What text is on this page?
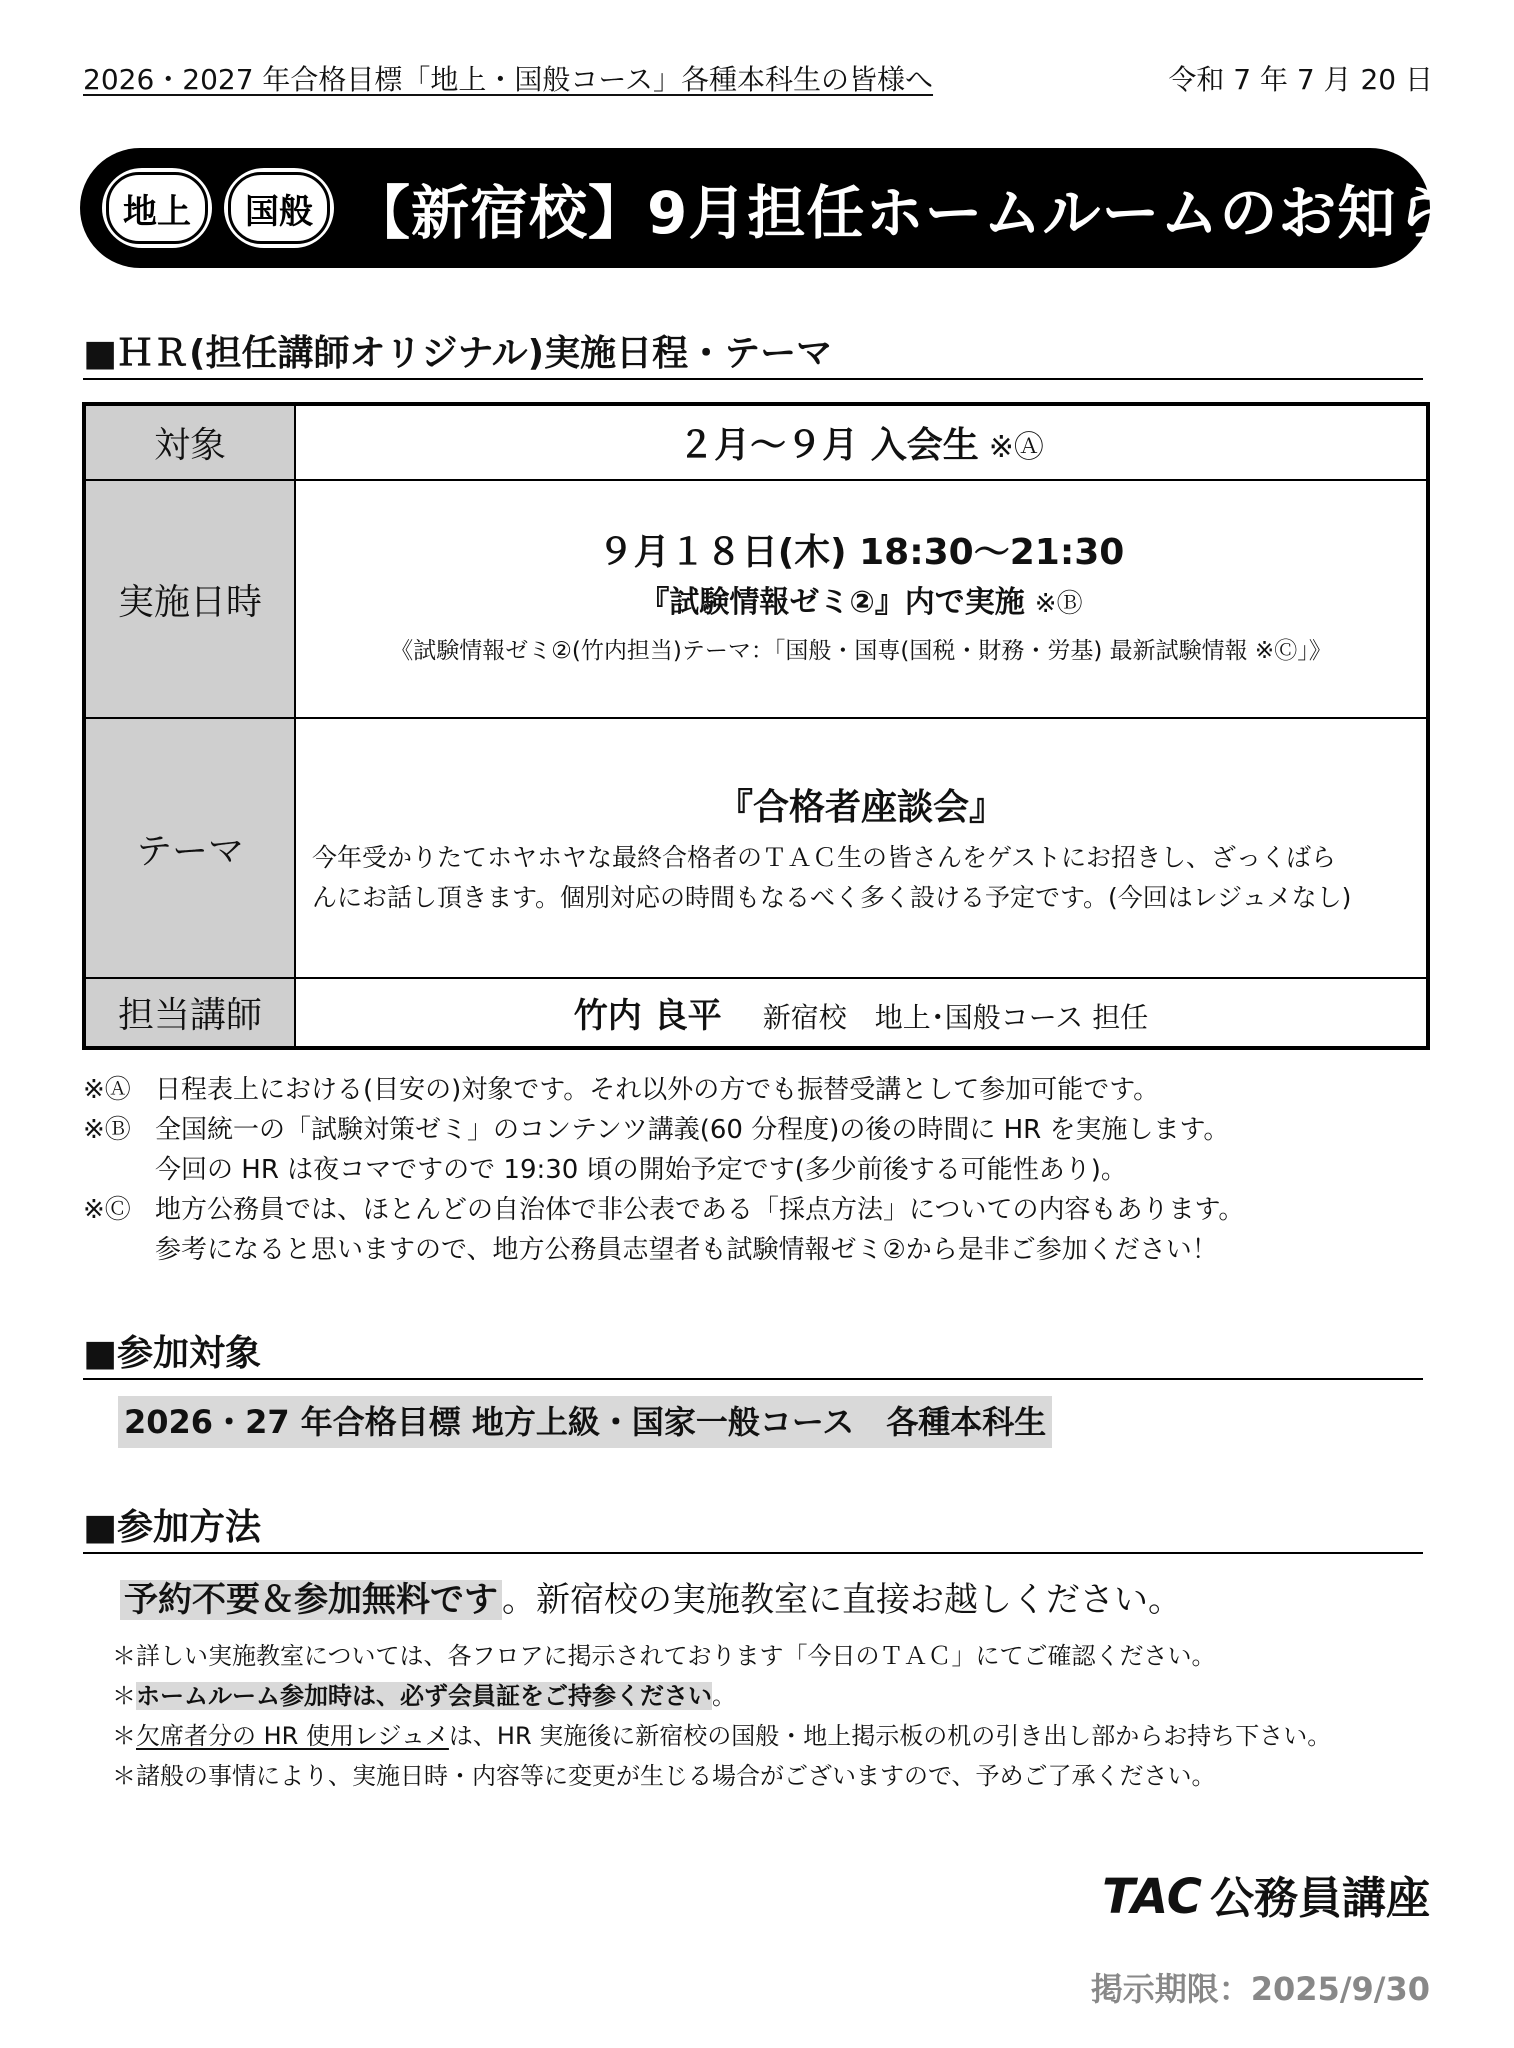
2026・2027 年合格目標「地上・国般コース」各種本科生の皆様へ	令和 7 年 7 月 20 日
地上	国般 【新宿校】9月担任ホームルームのお知らせ
■ＨＲ(担任講師オリジナル)実施日程・テーマ
対象	２月～９月 入会生 ※Ⓐ
実施日時	９月１８日(木) 18:30～21:30
『試験情報ゼミ②』内で実施 ※Ⓑ
《試験情報ゼミ②(竹内担当)テーマ：「国般・国専(国税・財務・労基) 最新試験情報 ※Ⓒ」》

テーマ	『合格者座談会』
今年受かりたてホヤホヤな最終合格者のＴＡＣ生の皆さんをゲストにお招きし、ざっくばら
んにお話し頂きます。個別対応の時間もなるべく多く設ける予定です。(今回はレジュメなし)

担当講師	竹内 良平 新宿校　地上･国般コース 担任
※Ⓐ 日程表上における(目安の)対象です。それ以外の方でも振替受講として参加可能です。
※Ⓑ 全国統一の「試験対策ゼミ」のコンテンツ講義(60 分程度)の後の時間に HR を実施します。
今回の HR は夜コマですので 19:30 頃の開始予定です(多少前後する可能性あり)。
※Ⓒ 地方公務員では、ほとんどの自治体で非公表である「採点方法」についての内容もあります。
参考になると思いますので、地方公務員志望者も試験情報ゼミ②から是非ご参加ください！
■参加対象
2026・27 年合格目標 地方上級・国家一般コース　各種本科生
■参加方法
予約不要＆参加無料です 。新宿校の実施教室に直接お越しください。
＊詳しい実施教室については、各フロアに掲示されております「今日のＴＡＣ」にてご確認ください。
＊ホームルーム参加時は、必ず会員証をご持参ください。
＊欠席者分の HR 使用レジュメは、HR 実施後に新宿校の国般・地上掲示板の机の引き出し部からお持ち下さい。
＊諸般の事情により、実施日時・内容等に変更が生じる場合がございますので、予めご了承ください。
TAC 公務員講座
掲示期限：2025/9/30
